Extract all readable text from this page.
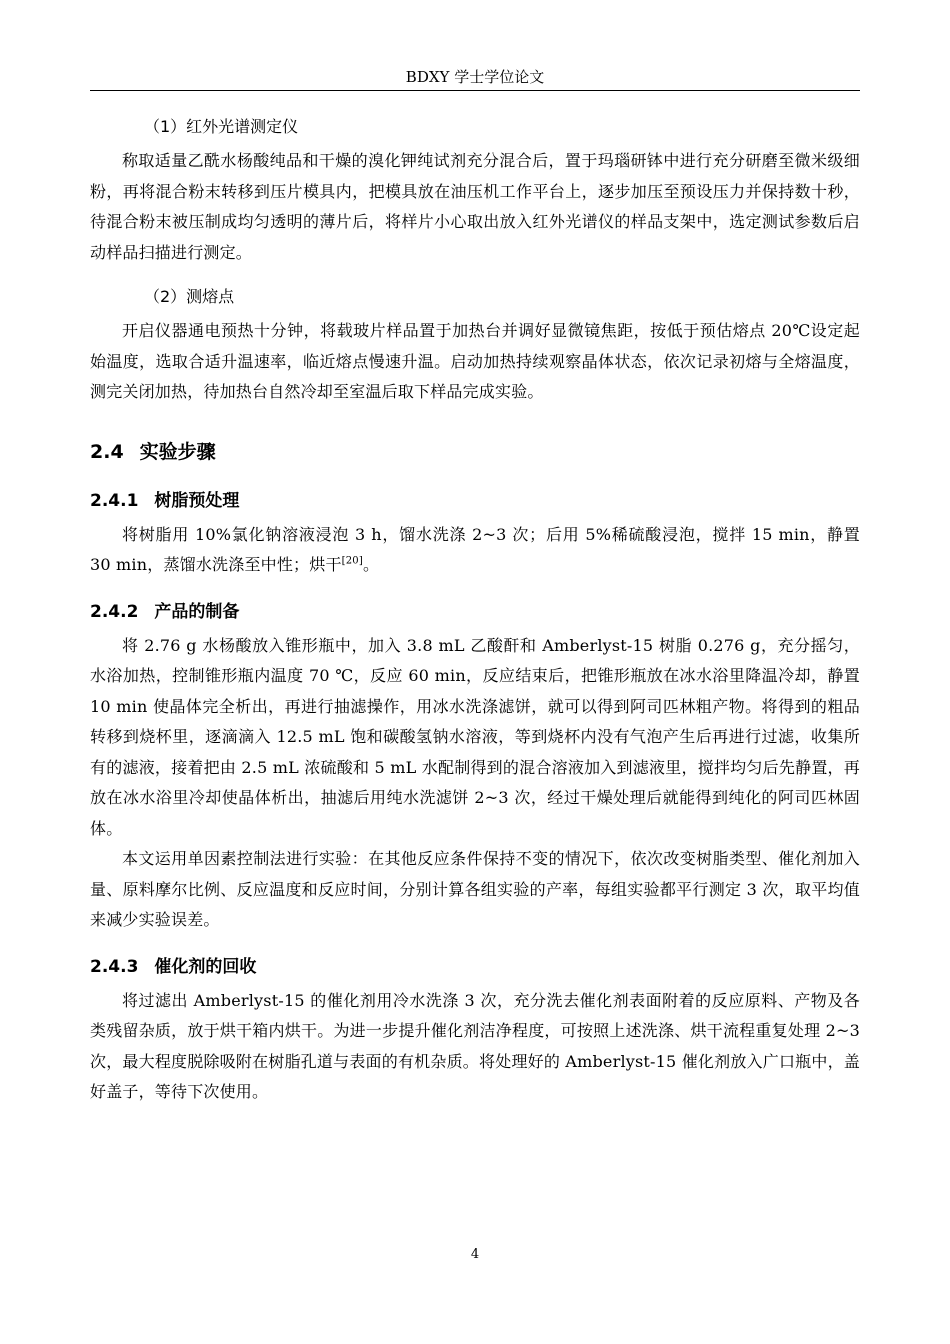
BDXY 学士学位论文

（1）红外光谱测定仪

称取适量乙酰水杨酸纯品和干燥的溴化钾纯试剂充分混合后，置于玛瑙研钵中进行充分研磨至微米级细粉，再将混合粉末转移到压片模具内，把模具放在油压机工作平台上，逐步加压至预设压力并保持数十秒，待混合粉末被压制成均匀透明的薄片后，将样片小心取出放入红外光谱仪的样品支架中，选定测试参数后启动样品扫描进行测定。

（2）测熔点

开启仪器通电预热十分钟，将载玻片样品置于加热台并调好显微镜焦距，按低于预估熔点 20℃设定起始温度，选取合适升温速率，临近熔点慢速升温。启动加热持续观察晶体状态，依次记录初熔与全熔温度，测完关闭加热，待加热台自然冷却至室温后取下样品完成实验。

2.4 实验步骤
2.4.1 树脂预处理

将树脂用 10%氯化钠溶液浸泡 3 h，馏水洗涤 2~3 次；后用 5%稀硫酸浸泡，搅拌 15 min，静置 30 min，蒸馏水洗涤至中性；烘干[20]。

2.4.2 产品的制备

将 2.76 g 水杨酸放入锥形瓶中，加入 3.8 mL 乙酸酐和 Amberlyst-15 树脂 0.276 g，充分摇匀，水浴加热，控制锥形瓶内温度 70 ℃，反应 60 min，反应结束后，把锥形瓶放在冰水浴里降温冷却，静置 10 min 使晶体完全析出，再进行抽滤操作，用冰水洗涤滤饼，就可以得到阿司匹林粗产物。将得到的粗品转移到烧杯里，逐滴滴入 12.5 mL 饱和碳酸氢钠水溶液，等到烧杯内没有气泡产生后再进行过滤，收集所有的滤液，接着把由 2.5 mL 浓硫酸和 5 mL 水配制得到的混合溶液加入到滤液里，搅拌均匀后先静置，再放在冰水浴里冷却使晶体析出，抽滤后用纯水洗滤饼 2~3 次，经过干燥处理后就能得到纯化的阿司匹林固体。

本文运用单因素控制法进行实验：在其他反应条件保持不变的情况下，依次改变树脂类型、催化剂加入量、原料摩尔比例、反应温度和反应时间，分别计算各组实验的产率，每组实验都平行测定 3 次，取平均值来减少实验误差。

2.4.3 催化剂的回收

将过滤出 Amberlyst-15 的催化剂用冷水洗涤 3 次，充分洗去催化剂表面附着的反应原料、产物及各类残留杂质，放于烘干箱内烘干。为进一步提升催化剂洁净程度，可按照上述洗涤、烘干流程重复处理 2~3 次，最大程度脱除吸附在树脂孔道与表面的有机杂质。将处理好的 Amberlyst-15 催化剂放入广口瓶中，盖好盖子，等待下次使用。

4
